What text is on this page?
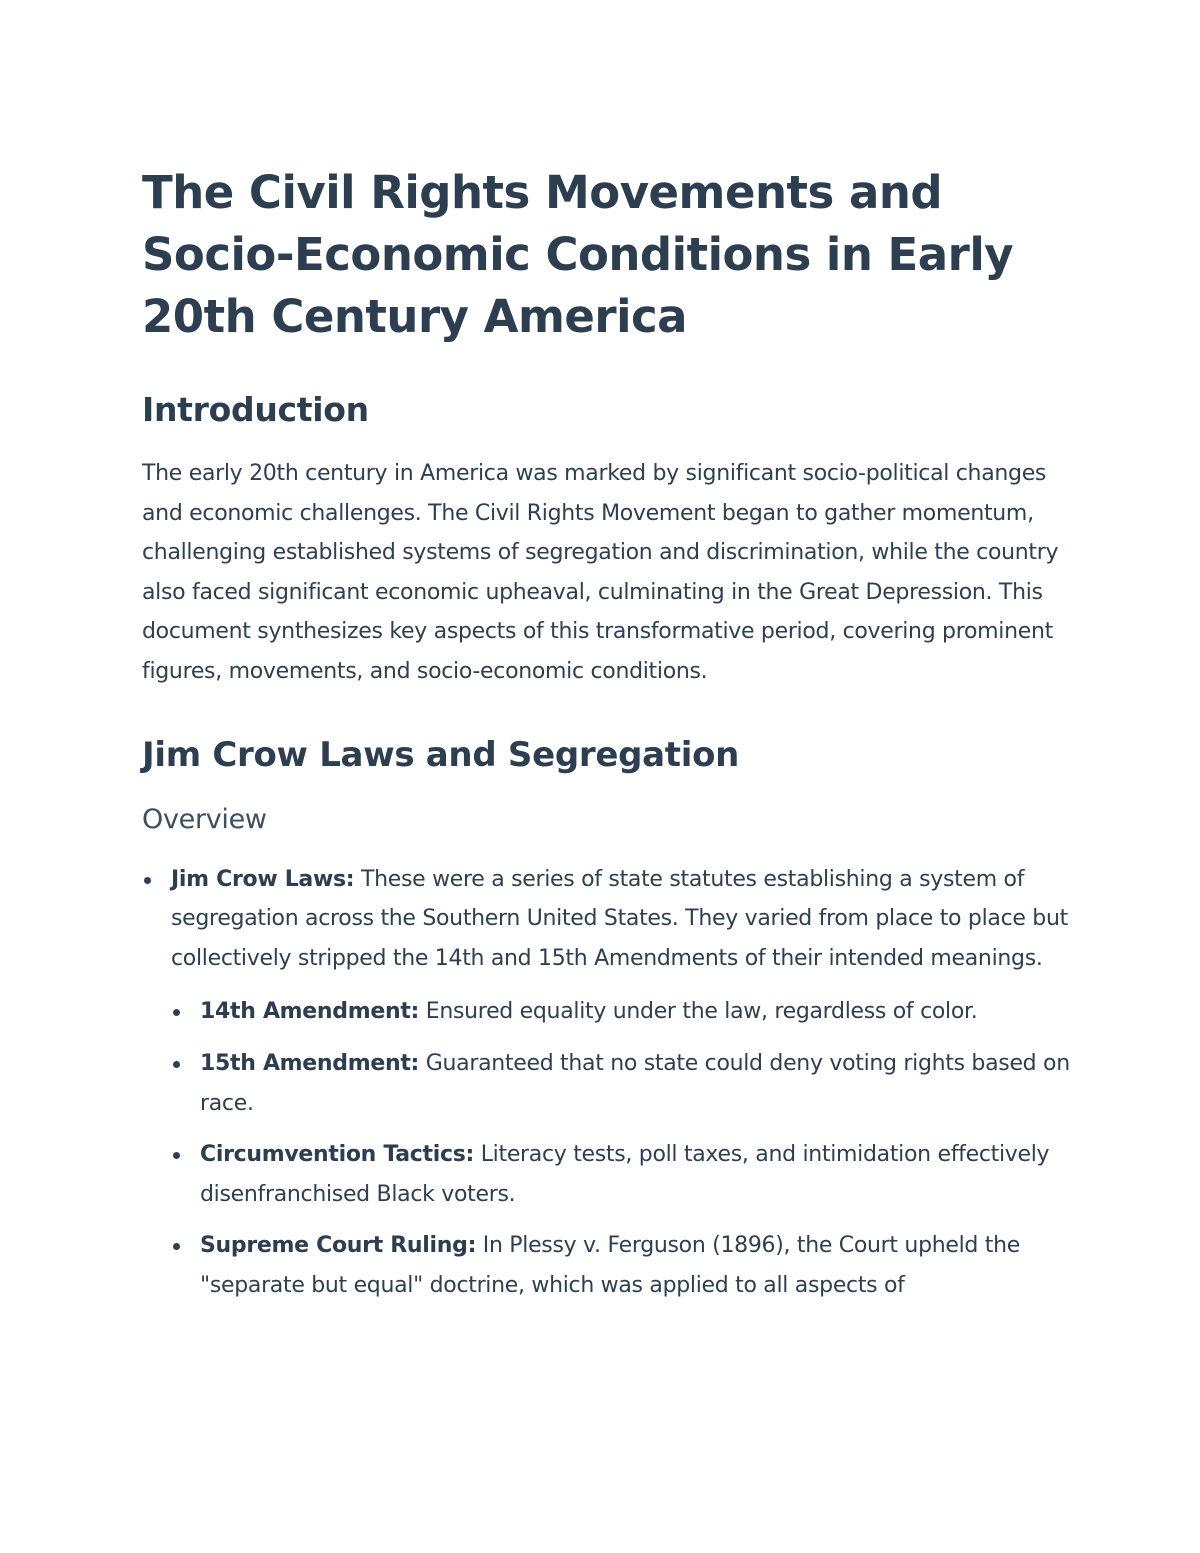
The Civil Rights Movements and Socio-Economic Conditions in Early 20th Century America
Introduction

The early 20th century in America was marked by significant socio-political changes and economic challenges. The Civil Rights Movement began to gather momentum, challenging established systems of segregation and discrimination, while the country also faced significant economic upheaval, culminating in the Great Depression. This document synthesizes key aspects of this transformative period, covering prominent figures, movements, and socio-economic conditions.

Jim Crow Laws and Segregation
Overview
Jim Crow Laws: These were a series of state statutes establishing a system of segregation across the Southern United States. They varied from place to place but collectively stripped the 14th and 15th Amendments of their intended meanings.
14th Amendment: Ensured equality under the law, regardless of color.
15th Amendment: Guaranteed that no state could deny voting rights based on race.
Circumvention Tactics: Literacy tests, poll taxes, and intimidation effectively disenfranchised Black voters.
Supreme Court Ruling: In Plessy v. Ferguson (1896), the Court upheld the "separate but equal" doctrine, which was applied to all aspects of
